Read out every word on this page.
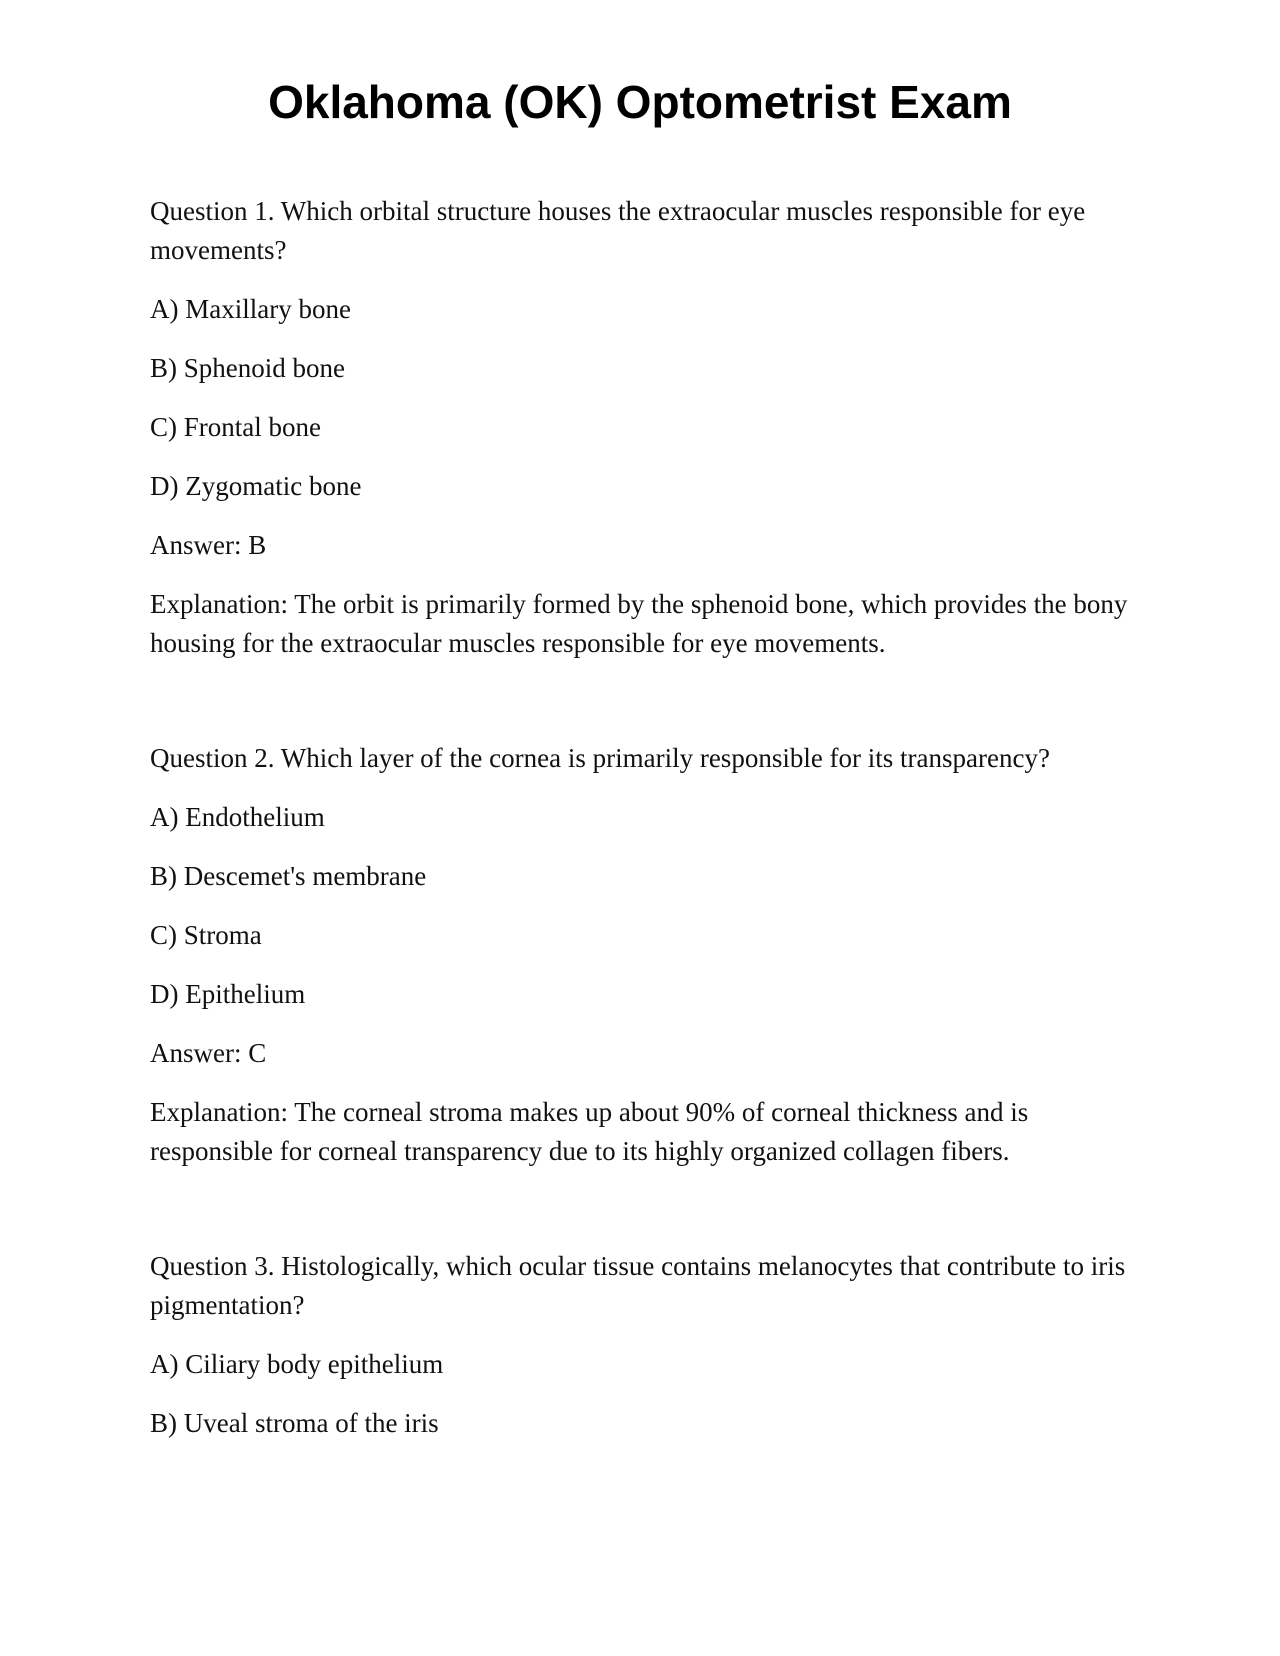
Oklahoma (OK) Optometrist Exam

Question 1. Which orbital structure houses the extraocular muscles responsible for eye movements?

A) Maxillary bone

B) Sphenoid bone

C) Frontal bone

D) Zygomatic bone

Answer: B

Explanation: The orbit is primarily formed by the sphenoid bone, which provides the bony housing for the extraocular muscles responsible for eye movements.

Question 2. Which layer of the cornea is primarily responsible for its transparency?

A) Endothelium

B) Descemet's membrane

C) Stroma

D) Epithelium

Answer: C

Explanation: The corneal stroma makes up about 90% of corneal thickness and is responsible for corneal transparency due to its highly organized collagen fibers.

Question 3. Histologically, which ocular tissue contains melanocytes that contribute to iris pigmentation?

A) Ciliary body epithelium

B) Uveal stroma of the iris
